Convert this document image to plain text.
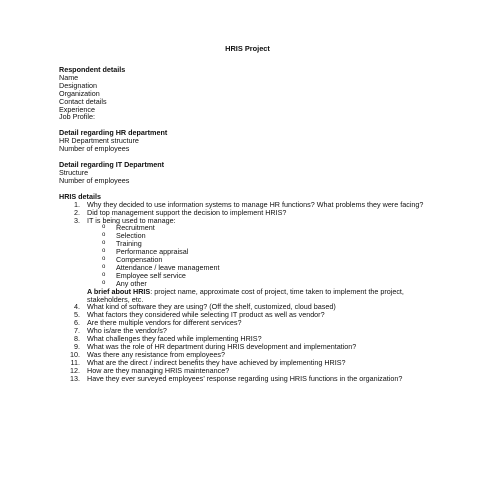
HRIS Project
Respondent details
Name
Designation
Organization
Contact details
Experience
Job Profile:
Detail regarding HR department
HR Department structure
Number of employees
Detail regarding IT Department
Structure
Number of employees
HRIS details
1. Why they decided to use information systems to manage HR functions? What problems they were facing?
2. Did top management support the decision to implement HRIS?
3. IT is being used to manage:
o Recruitment
o Selection
o Training
o Performance appraisal
o Compensation
o Attendance / leave management
o Employee self service
o Any other
A brief about HRIS: project name, approximate cost of project, time taken to implement the project, stakeholders, etc.
4. What kind of software they are using? (Off the shelf, customized, cloud based)
5. What factors they considered while selecting IT product as well as vendor?
6. Are there multiple vendors for different services?
7. Who is/are the vendor/s?
8. What challenges they faced while implementing HRIS?
9. What was the role of HR department during HRIS development and implementation?
10. Was there any resistance from employees?
11. What are the direct / indirect benefits they have achieved by implementing HRIS?
12. How are they managing HRIS maintenance?
13. Have they ever surveyed employees’ response regarding using HRIS functions in the organization?
